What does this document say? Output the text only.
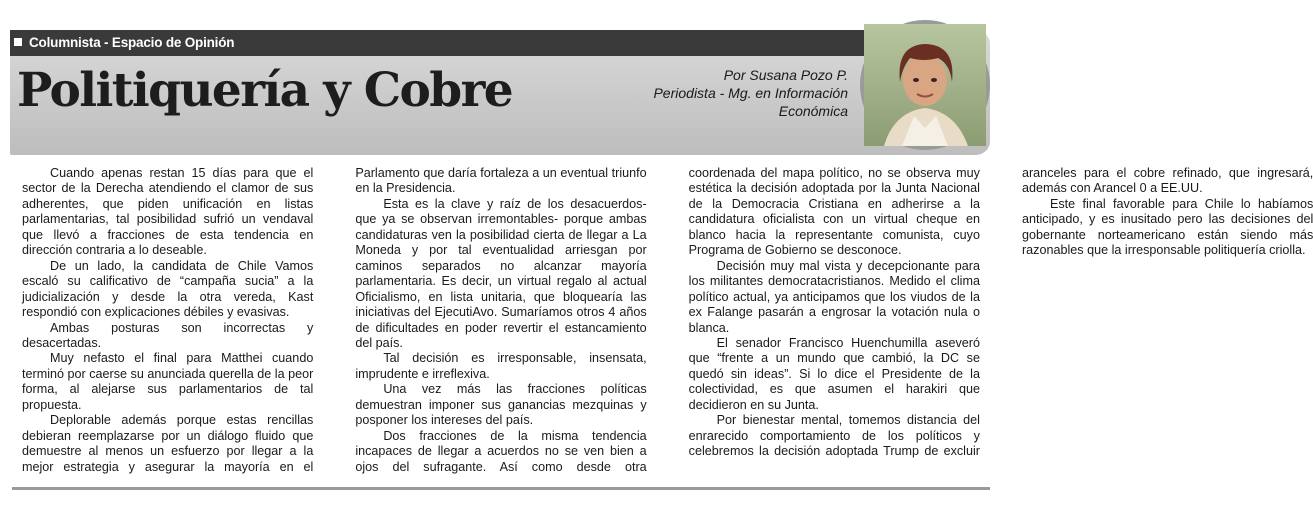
Columnista - Espacio de Opinión
Politiquería y Cobre	Por Susana Pozo P.
Periodista - Mg. en Información
Económica

Cuando apenas restan 15 días para que el sector de la Derecha atendiendo el clamor de sus adherentes, que piden unificación en listas parlamentarias, tal posibilidad sufrió un vendaval que llevó a fracciones de esta tendencia en dirección contraria a lo deseable.

De un lado, la candidata de Chile Vamos escaló su calificativo de “campaña sucia” a la judicialización y desde la otra vereda, Kast respondió con explicaciones débiles y evasivas.

Ambas posturas son incorrectas y desacertadas.

Muy nefasto el final para Matthei cuando terminó por caerse su anunciada querella de la peor forma, al alejarse sus parlamentarios de tal propuesta.

Deplorable además porque estas rencillas debieran reemplazarse por un diálogo fluido que demuestre al menos un esfuerzo por llegar a la mejor estrategia y asegurar la mayoría en el Parlamento que daría fortaleza a un eventual triunfo en la Presidencia.

Esta es la clave y raíz de los desacuerdos- que ya se observan irremontables- porque ambas candidaturas ven la posibilidad cierta de llegar a La Moneda y por tal eventualidad arriesgan por caminos separados no alcanzar mayoría parlamentaria. Es decir, un virtual regalo al actual Oficialismo, en lista unitaria, que bloquearía las iniciativas del EjecutiAvo. Sumaríamos otros 4 años de dificultades en poder revertir el estancamiento del país.

Tal decisión es irresponsable, insensata, imprudente e irreflexiva.

Una vez más las fracciones políticas demuestran imponer sus ganancias mezquinas y posponer los intereses del país.

Dos fracciones de la misma tendencia incapaces de llegar a acuerdos no se ven bien a ojos del sufragante. Así como desde otra coordenada del mapa político, no se observa muy estética la decisión adoptada por la Junta Nacional de la Democracia Cristiana en adherirse a la candidatura oficialista con un virtual cheque en blanco hacia la representante comunista, cuyo Programa de Gobierno se desconoce.

Decisión muy mal vista y decepcionante para los militantes democratacristianos. Medido el clima político actual, ya anticipamos que los viudos de la ex Falange pasarán a engrosar la votación nula o blanca.

El senador Francisco Huenchumilla aseveró que “frente a un mundo que cambió, la DC se quedó sin ideas”. Si lo dice el Presidente de la colectividad, es que asumen el harakiri que decidieron en su Junta.

Por bienestar mental, tomemos distancia del enrarecido comportamiento de los políticos y celebremos la decisión adoptada Trump de excluir aranceles para el cobre refinado, que ingresará, además con Arancel 0 a EE.UU.

Este final favorable para Chile lo habíamos anticipado, y es inusitado pero las decisiones del gobernante norteamericano están siendo más razonables que la irresponsable politiquería criolla.
